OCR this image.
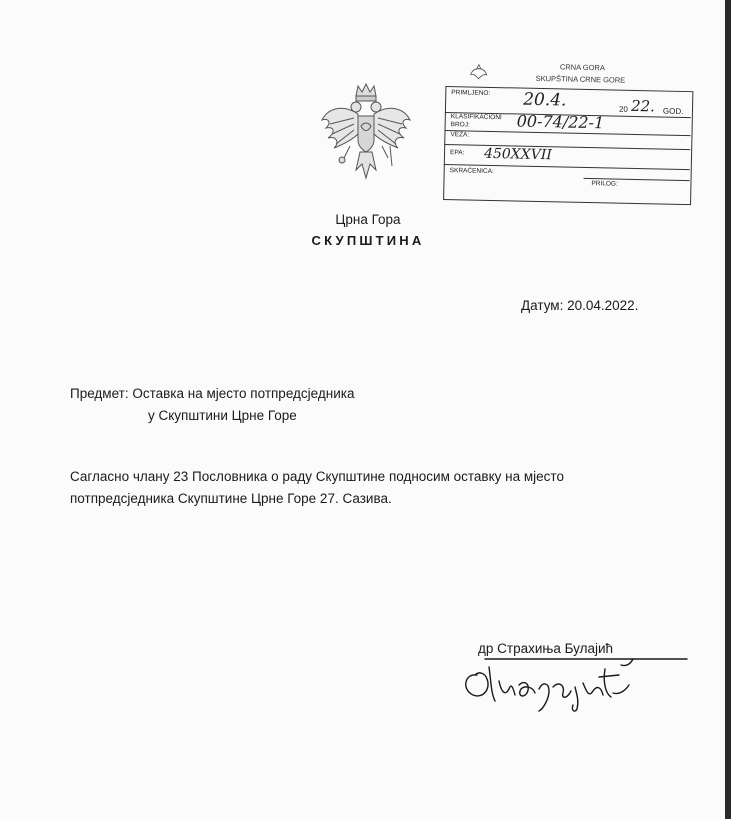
Црна Гора
СКУПШТИНА
CRNA GORA
SKUPŠTINA CRNE GORE
PRIMLJENO: 20.4.	20 22. GOD.
KLASIFIKACIONI BROJ:	00-74/22-1
VEZA:
EPA: 450XXVII
SKRAĆENICA:
PRILOG:
Датум: 20.04.2022.
Предмет: Оставка на мјесто потпредсједника
у Скупштини Црне Горе
Сагласно члану 23 Пословника о раду Скупштине подносим оставку на мјесто
потпредсједника Скупштине Црне Горе 27. Сазива.
др Страхиња Булајић
